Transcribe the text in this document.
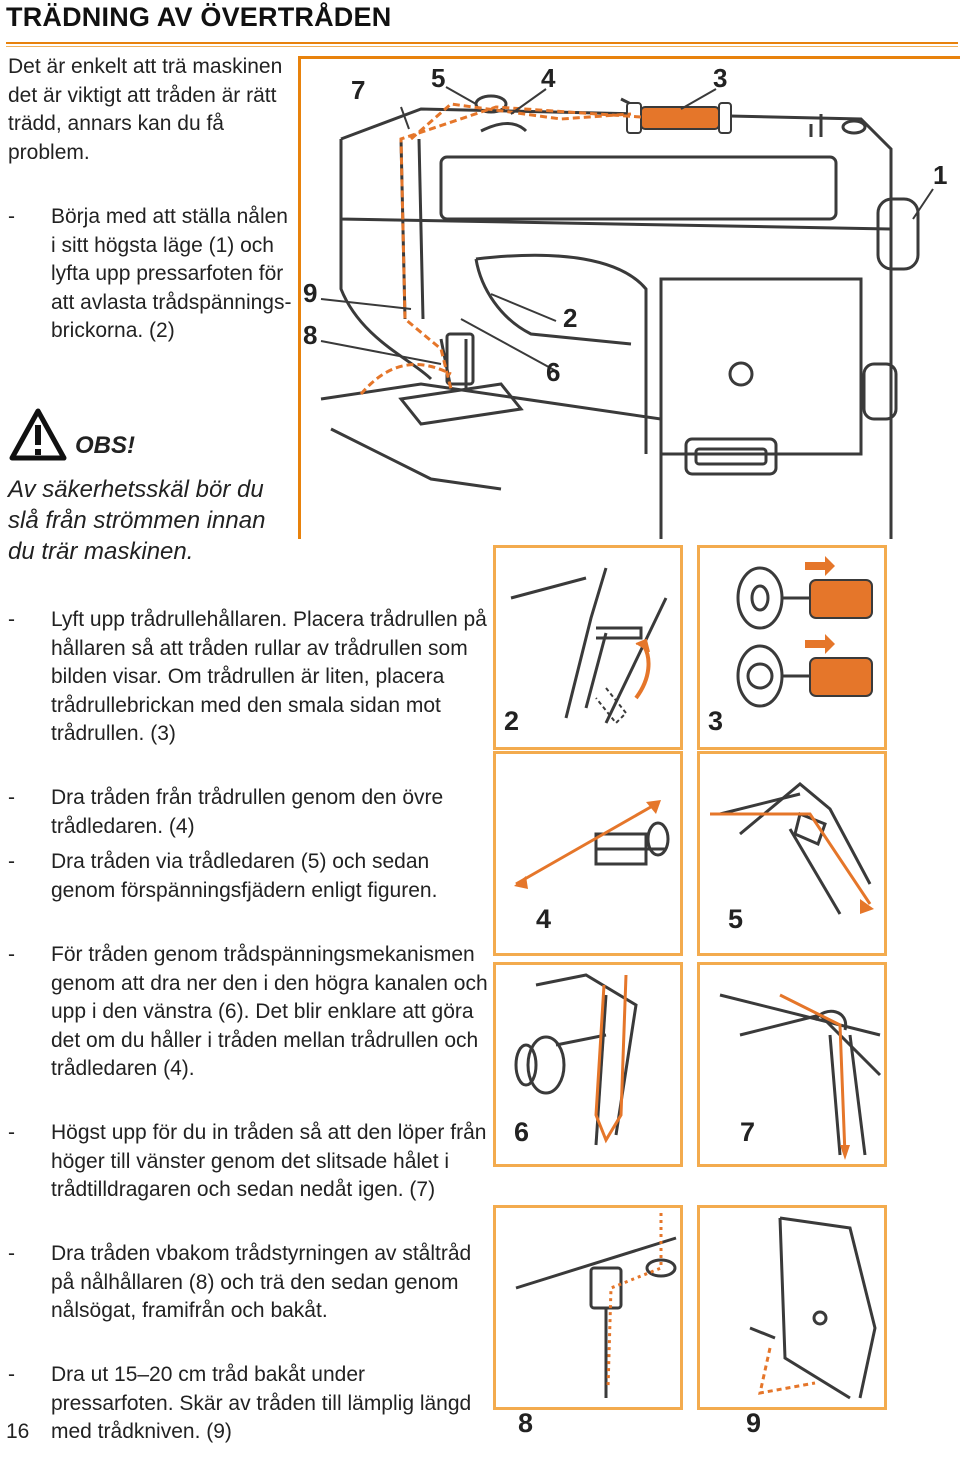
TRÄDNING AV ÖVERTRÅDEN
Det är enkelt att trä maskinen det är viktigt att tråden är rätt trädd, annars kan du få problem.
-	Börja med att ställa nålen i sitt högsta läge (1) och lyfta upp pressarfoten för att avlasta trådspännings-brickorna. (2)
OBS!
Av säkerhetsskäl bör du slå från strömmen innan du trär maskinen.
-	Lyft upp trådrullehållaren. Placera trådrullen på hållaren så att tråden rullar av trådrullen som bilden visar. Om trådrullen är liten, placera trådrullebrickan med den smala sidan mot trådrullen. (3)
-	Dra tråden från trådrullen genom den övre trådledaren. (4)
-	Dra tråden via trådledaren (5) och sedan genom förspänningsfjädern enligt figuren.
-	För tråden genom trådspänningsmekanismen genom att dra ner den i den högra kanalen och upp i den vänstra (6). Det blir enklare att göra det om du håller i tråden mellan trådrullen och trådledaren (4).
-	Högst upp för du in tråden så att den löper från höger till vänster genom det slitsade hålet i trådtilldragaren och sedan nedåt igen. (7)
-	Dra tråden vbakom trådstyrningen av ståltråd på nålhållaren (8) och trä den sedan genom nålsögat, framifrån och bakåt.
-	Dra ut 15–20 cm tråd bakåt under pressarfoten. Skär av tråden till lämplig längd med trådkniven. (9)
16
7	5	4	3
1
9
8
2
6
2	3
4	5
6	7
8	9
